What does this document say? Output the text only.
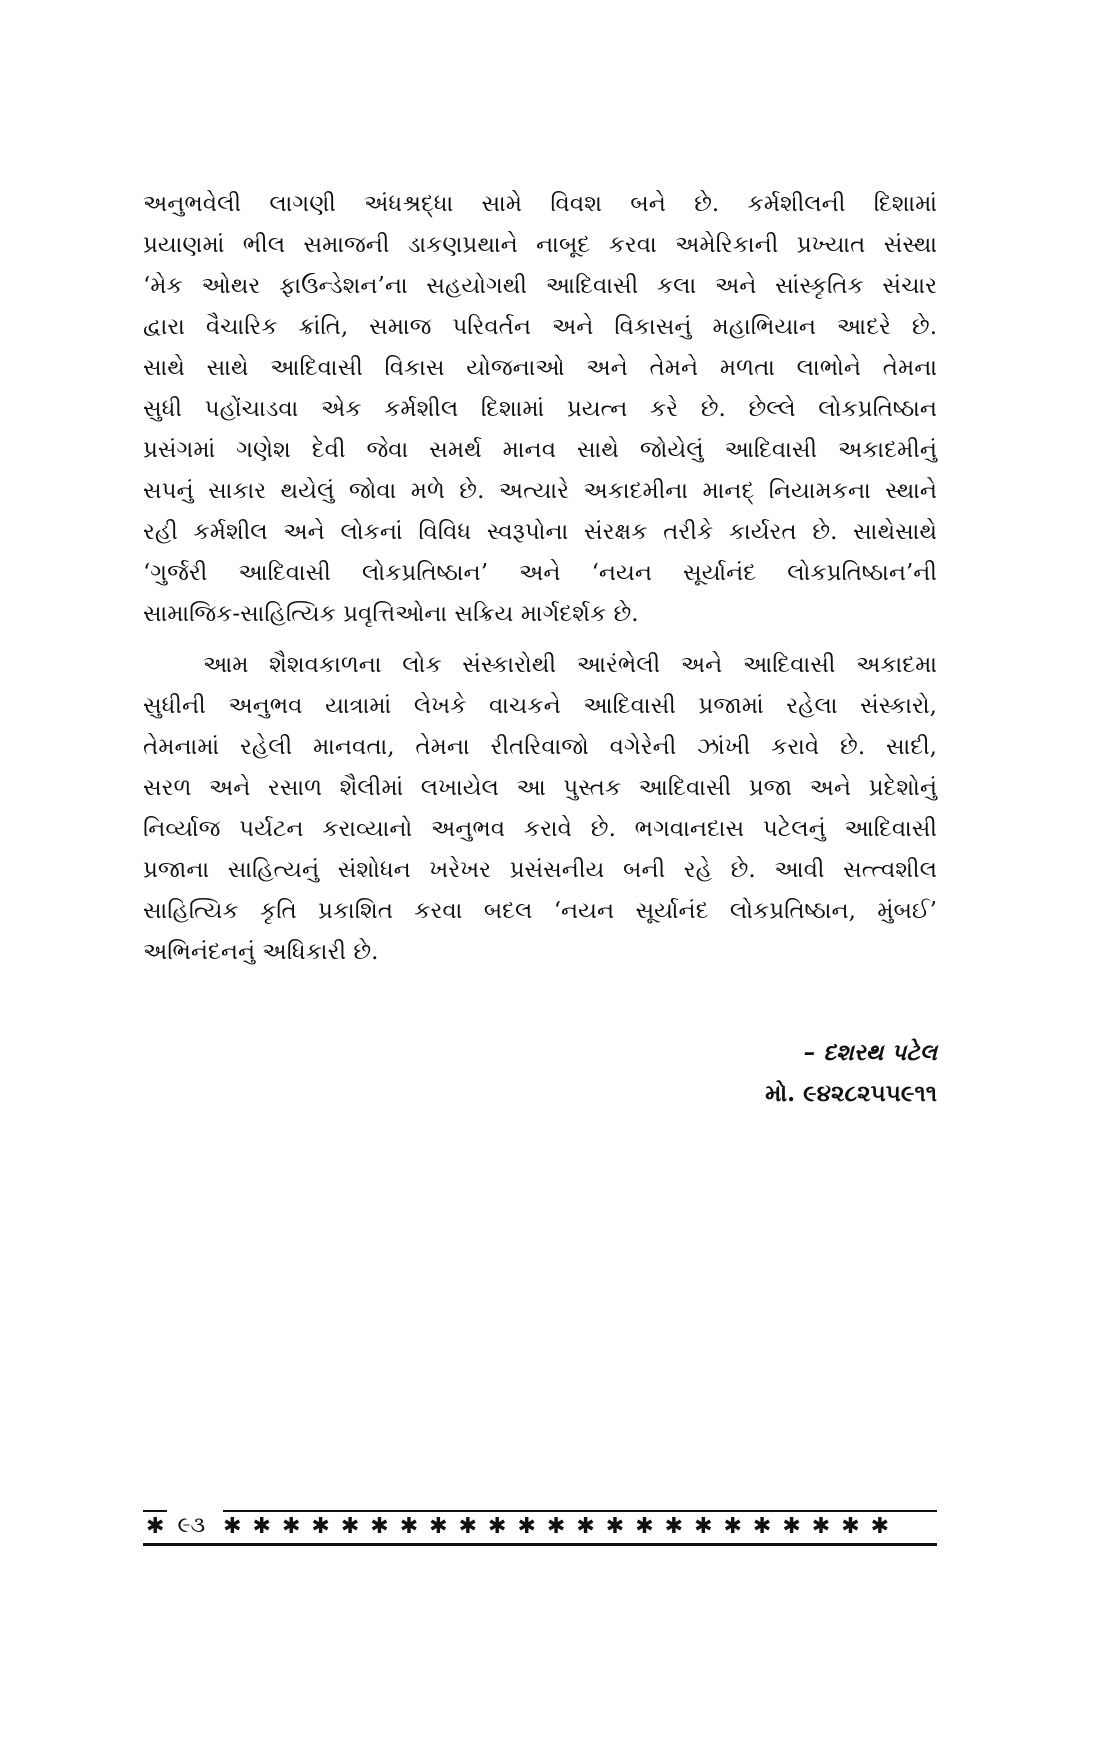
અનુભવેલી લાગણી અંધશ્રદ્ધા સામે વિવશ બને છે. કર્મશીલની દિશામાં
પ્રયાણમાં ભીલ સમાજની ડાકણપ્રથાને નાબૂદ કરવા અમેરિકાની પ્રખ્યાત સંસ્થા
‘મેક ઓથર ફાઉન્ડેશન’ના સહયોગથી આદિવાસી કલા અને સાંસ્કૃતિક સંચાર
દ્વારા વૈચારિક ક્રાંતિ, સમાજ પરિવર્તન અને વિકાસનું મહાભિયાન આદરે છે.
સાથે સાથે આદિવાસી વિકાસ યોજનાઓ અને તેમને મળતા લાભોને તેમના
સુધી પહોંચાડવા એક કર્મશીલ દિશામાં પ્રયત્ન કરે છે. છેલ્લે લોકપ્રતિષ્ઠાન
પ્રસંગમાં ગણેશ દેવી જેવા સમર્થ માનવ સાથે જોયેલું આદિવાસી અકાદમીનું
સપનું સાકાર થયેલું જોવા મળે છે. અત્યારે અકાદમીના માનદ્ નિયામકના સ્થાને
રહી કર્મશીલ અને લોકનાં વિવિધ સ્વરૂપોના સંરક્ષક તરીકે કાર્યરત છે. સાથેસાથે
‘ગુર્જરી આદિવાસી લોકપ્રતિષ્ઠાન’ અને ‘નયન સૂર્યાનંદ લોકપ્રતિષ્ઠાન’ની
સામાજિક-સાહિત્યિક પ્રવૃત્તિઓના સક્રિય માર્ગદર્શક છે.
આમ શૈશવકાળના લોક સંસ્કારોથી આરંભેલી અને આદિવાસી અકાદમા
સુધીની અનુભવ યાત્રામાં લેખકે વાચકને આદિવાસી પ્રજામાં રહેલા સંસ્કારો,
તેમનામાં રહેલી માનવતા, તેમના રીતરિવાજો વગેરેની ઝાંખી કરાવે છે. સાદી,
સરળ અને રસાળ શૈલીમાં લખાયેલ આ પુસ્તક આદિવાસી પ્રજા અને પ્રદેશોનું
નિર્વ્યાજ પર્યટન કરાવ્યાનો અનુભવ કરાવે છે. ભગવાનદાસ પટેલનું આદિવાસી
પ્રજાના સાહિત્યનું સંશોધન ખરેખર પ્રસંસનીય બની રહે છે. આવી સત્ત્વશીલ
સાહિત્યિક કૃતિ પ્રકાશિત કરવા બદલ ‘નયન સૂર્યાનંદ લોકપ્રતિષ્ઠાન, મુંબઈ’
અભિનંદનનું અધિકારી છે.
– દશરથ પટેલ
મો. ૯૪૨૮૨૫૫૯૧૧
✱ ૯૩ ✱✱✱✱✱✱✱✱✱✱✱✱✱✱✱✱✱✱✱✱✱✱✱
